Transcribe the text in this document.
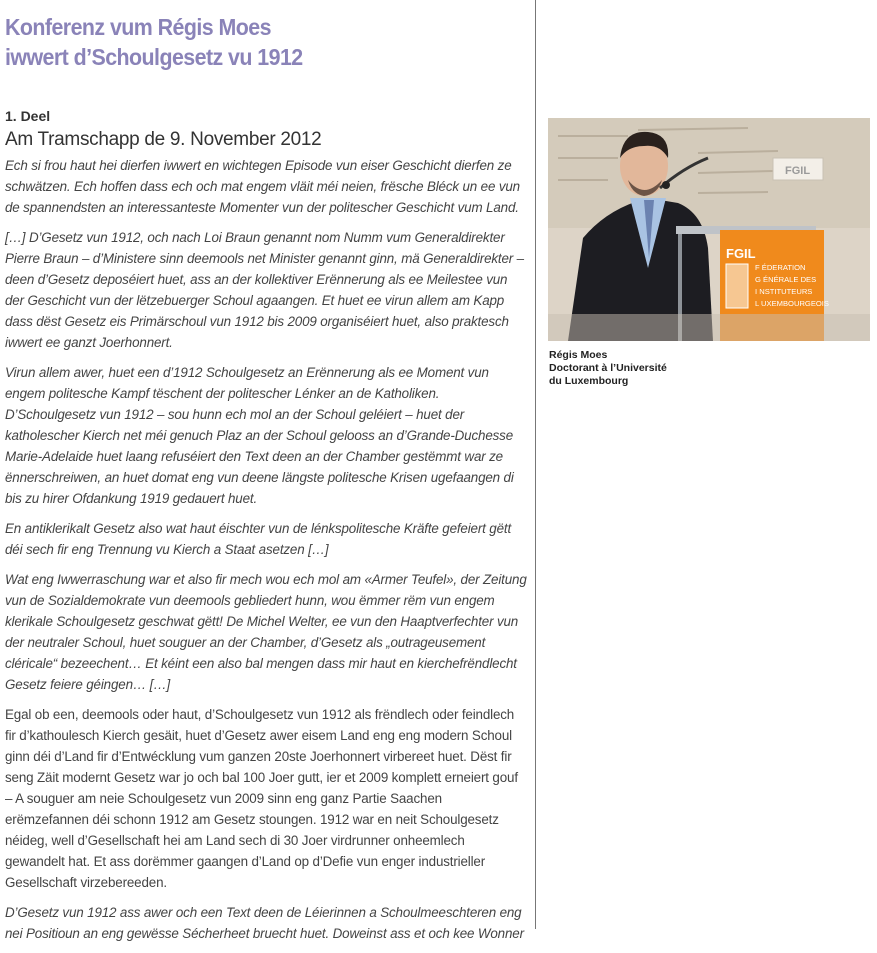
Konferenz vum Régis Moes
iwwert d’Schoulgesetz vu 1912
1. Deel
Am Tramschapp de 9. November 2012

Ech si frou haut hei dierfen iwwert en wichtegen Episode vun eiser Geschicht dierfen ze schwätzen. Ech hoffen dass ech och mat engem vläit méi neien, frësche Bléck un ee vun de spannendsten an interessanteste Momenter vun der politescher Geschicht vum Land.

[…] D’Gesetz vun 1912, och nach Loi Braun genannt nom Numm vum Generaldirekter Pierre Braun – d’Ministere sinn deemools net Minister genannt ginn, mä Generaldirekter – deen d’Gesetz deposéiert huet, ass an der kollektiver Erënnerung als ee Meilestee vun der Geschicht vun der lëtzebuerger Schoul agaangen. Et huet ee virun allem am Kapp dass dëst Gesetz eis Primärschoul vun 1912 bis 2009 organiséiert huet, also praktesch iwwert ee ganzt Joerhonnert.

Virun allem awer, huet een d’1912 Schoulgesetz an Erënnerung als ee Moment vun engem politesche Kampf tëschent der politescher Lénker an de Katholiken. D’Schoulgesetz vun 1912 – sou hunn ech mol an der Schoul geléiert – huet der katholescher Kierch net méi genuch Plaz an der Schoul gelooss an d’Grande-Duchesse Marie-Adelaide huet laang refuséiert den Text deen an der Chamber gestëmmt war ze ënnerschreiwen, an huet domat eng vun deene längste politesche Krisen ugefaangen di bis zu hirer Ofdankung 1919 gedauert huet.

En antiklerikalt Gesetz also wat haut éischter vun de lénkspolitesche Kräfte gefeiert gëtt déi sech fir eng Trennung vu Kierch a Staat asetzen […]

Wat eng Iwwerraschung war et also fir mech wou ech mol am «Armer Teufel», der Zeitung vun de Sozialdemokrate vun deemools gebliedert hunn, wou ëmmer rëm vun engem klerikale Schoulgesetz geschwat gëtt! De Michel Welter, ee vun den Haaptverfechter vun der neutraler Schoul, huet souguer an der Chamber, d’Gesetz als „outrageusement cléricale“ bezeechent… Et kéint een also bal mengen dass mir haut en kierchefrëndlecht Gesetz feiere géingen… […]

Egal ob een, deemools oder haut, d’Schoulgesetz vun 1912 als frëndlech oder feindlech fir d’kathoulesch Kierch gesäit, huet d’Gesetz awer eisem Land eng eng modern Schoul ginn déi d’Land fir d’Entwécklung vum ganzen 20ste Joerhonnert virbereet huet. Dëst fir seng Zäit modernt Gesetz war jo och bal 100 Joer gutt, ier et 2009 komplett erneiert gouf – A souguer am neie Schoulgesetz vun 2009 sinn eng ganz Partie Saachen erëmzefannen déi schonn 1912 am Gesetz stoungen. 1912 war en neit Schoulgesetz néideg, well d’Gesellschaft hei am Land sech di 30 Joer virdrunner onheemlech gewandelt hat. Et ass dorëmmer gaangen d’Land op d’Defie vun enger industrieller Gesellschaft virzebereeden.

D’Gesetz vun 1912 ass awer och een Text deen de Léierinnen a Schoulmeeschteren eng nei Positioun an eng gewësse Sécherheet bruecht huet. Doweinst ass et och kee Wonner

FGIL
FGIL
F ÉDERATION G ÉNÉRALE DES I NSTITUTEURS L UXEMBOURGEOIS
Régis Moes
Doctorant à l’Université
du Luxembourg
